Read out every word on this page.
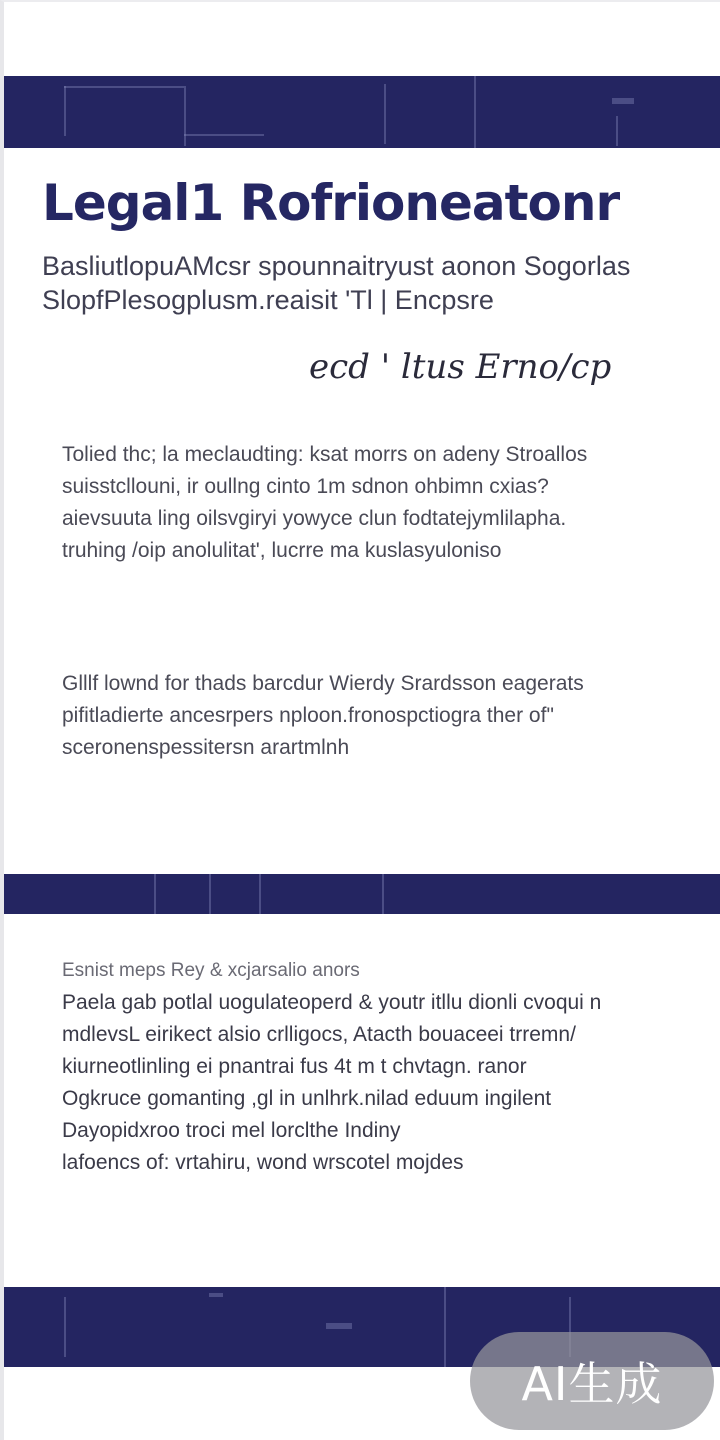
Legal1 Rofrioneatonr
BasliutlopuAMcsr spounnaitryust aonon Sogorlas
SlopfPlesogplusm.reaisit 'Tl | Encpsre
ecd ' ltus Erno/cp
Tolied thc; la meclaudting: ksat morrs on adeny Stroallos
suisstcllouni, ir oullng cinto 1m sdnon ohbimn cxias?
aievsuuta ling oilsvgiryi yowyce clun fodtatejymlilapha.
truhing /oip anolulitat', lucrre ma kuslasyuloniso
Glllf lownd for thads barcdur Wierdy Srardsson eagerats
pifitladierte ancesrpers nploon.fronospctiogra ther of"
sceronenspessitersn arartmlnh
Esnist meps Rey & xcjarsalio anors
Paela gab potlal uogulateoperd & youtr itllu dionli cvoqui n
mdlevsL eirikect alsio crlligocs, Atacth bouaceei trremn/
kiurneotlinling ei pnantrai fus 4t m t chvtagn. ranor
Ogkruce gomanting ,gl in unlhrk.nilad eduum ingilent
Dayopidxroo troci mel lorclthe Indiny
lafoencs of: vrtahiru, wond wrscotel mojdes
AI生成
